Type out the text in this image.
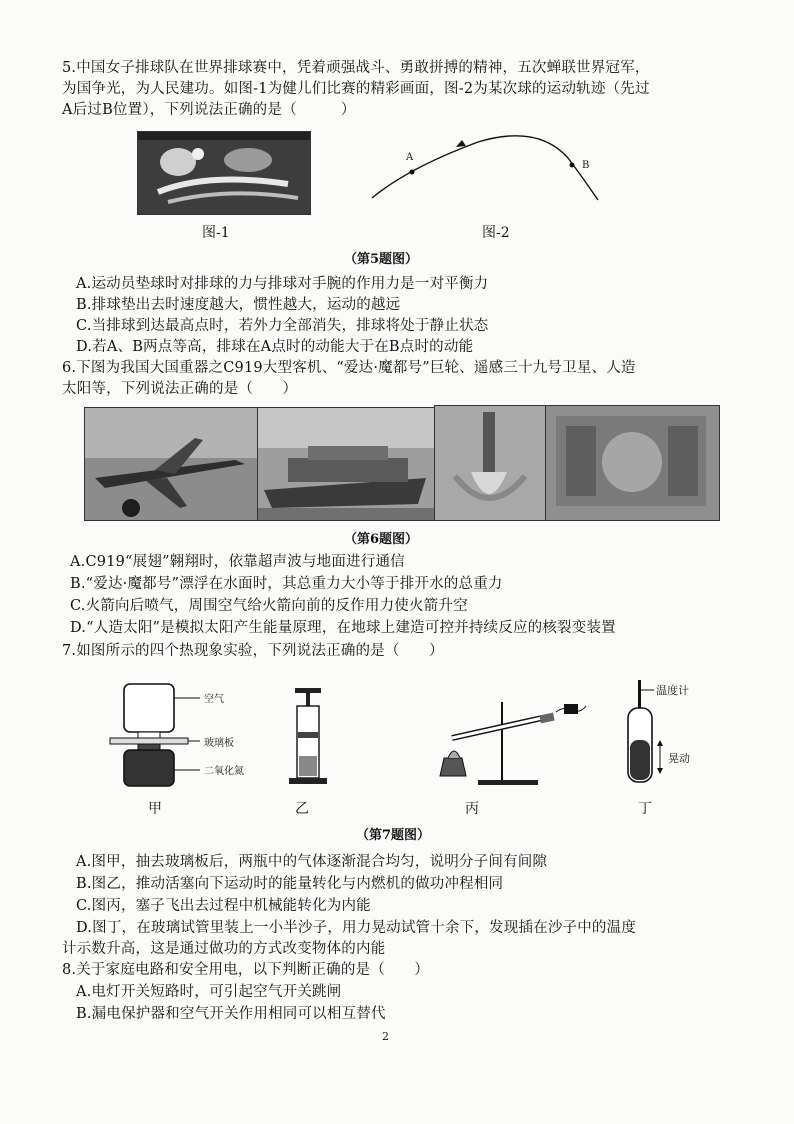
5.中国女子排球队在世界排球赛中，凭着顽强战斗、勇敢拼搏的精神，五次蝉联世界冠军，
为国争光，为人民建功。如图-1为健儿们比赛的精彩画面，图-2为某次球的运动轨迹（先过
A后过B位置），下列说法正确的是（　　　）
图-1
A
B
图-2
（第5题图）
A.运动员垫球时对排球的力与排球对手腕的作用力是一对平衡力
B.排球垫出去时速度越大，惯性越大，运动的越远
C.当排球到达最高点时，若外力全部消失，排球将处于静止状态
D.若A、B两点等高，排球在A点时的动能大于在B点时的动能
6.下图为我国大国重器之C919大型客机、“爱达·魔都号”巨轮、遥感三十九号卫星、人造
太阳等，下列说法正确的是（　　）
（第6题图）
A.C919“展翅”翱翔时，依靠超声波与地面进行通信
B.“爱达·魔都号”漂浮在水面时，其总重力大小等于排开水的总重力
C.火箭向后喷气，周围空气给火箭向前的反作用力使火箭升空
D.“人造太阳”是模拟太阳产生能量原理，在地球上建造可控并持续反应的核裂变装置
7.如图所示的四个热现象实验，下列说法正确的是（　　）
空气
玻璃板
二氧化氮
温度计
晃动
甲	乙	丙	丁
（第7题图）
A.图甲，抽去玻璃板后，两瓶中的气体逐渐混合均匀，说明分子间有间隙
B.图乙，推动活塞向下运动时的能量转化与内燃机的做功冲程相同
C.图丙，塞子飞出去过程中机械能转化为内能
D.图丁，在玻璃试管里装上一小半沙子，用力晃动试管十余下，发现插在沙子中的温度
计示数升高，这是通过做功的方式改变物体的内能
8.关于家庭电路和安全用电，以下判断正确的是（　　）
A.电灯开关短路时，可引起空气开关跳闸
B.漏电保护器和空气开关作用相同可以相互替代
2
